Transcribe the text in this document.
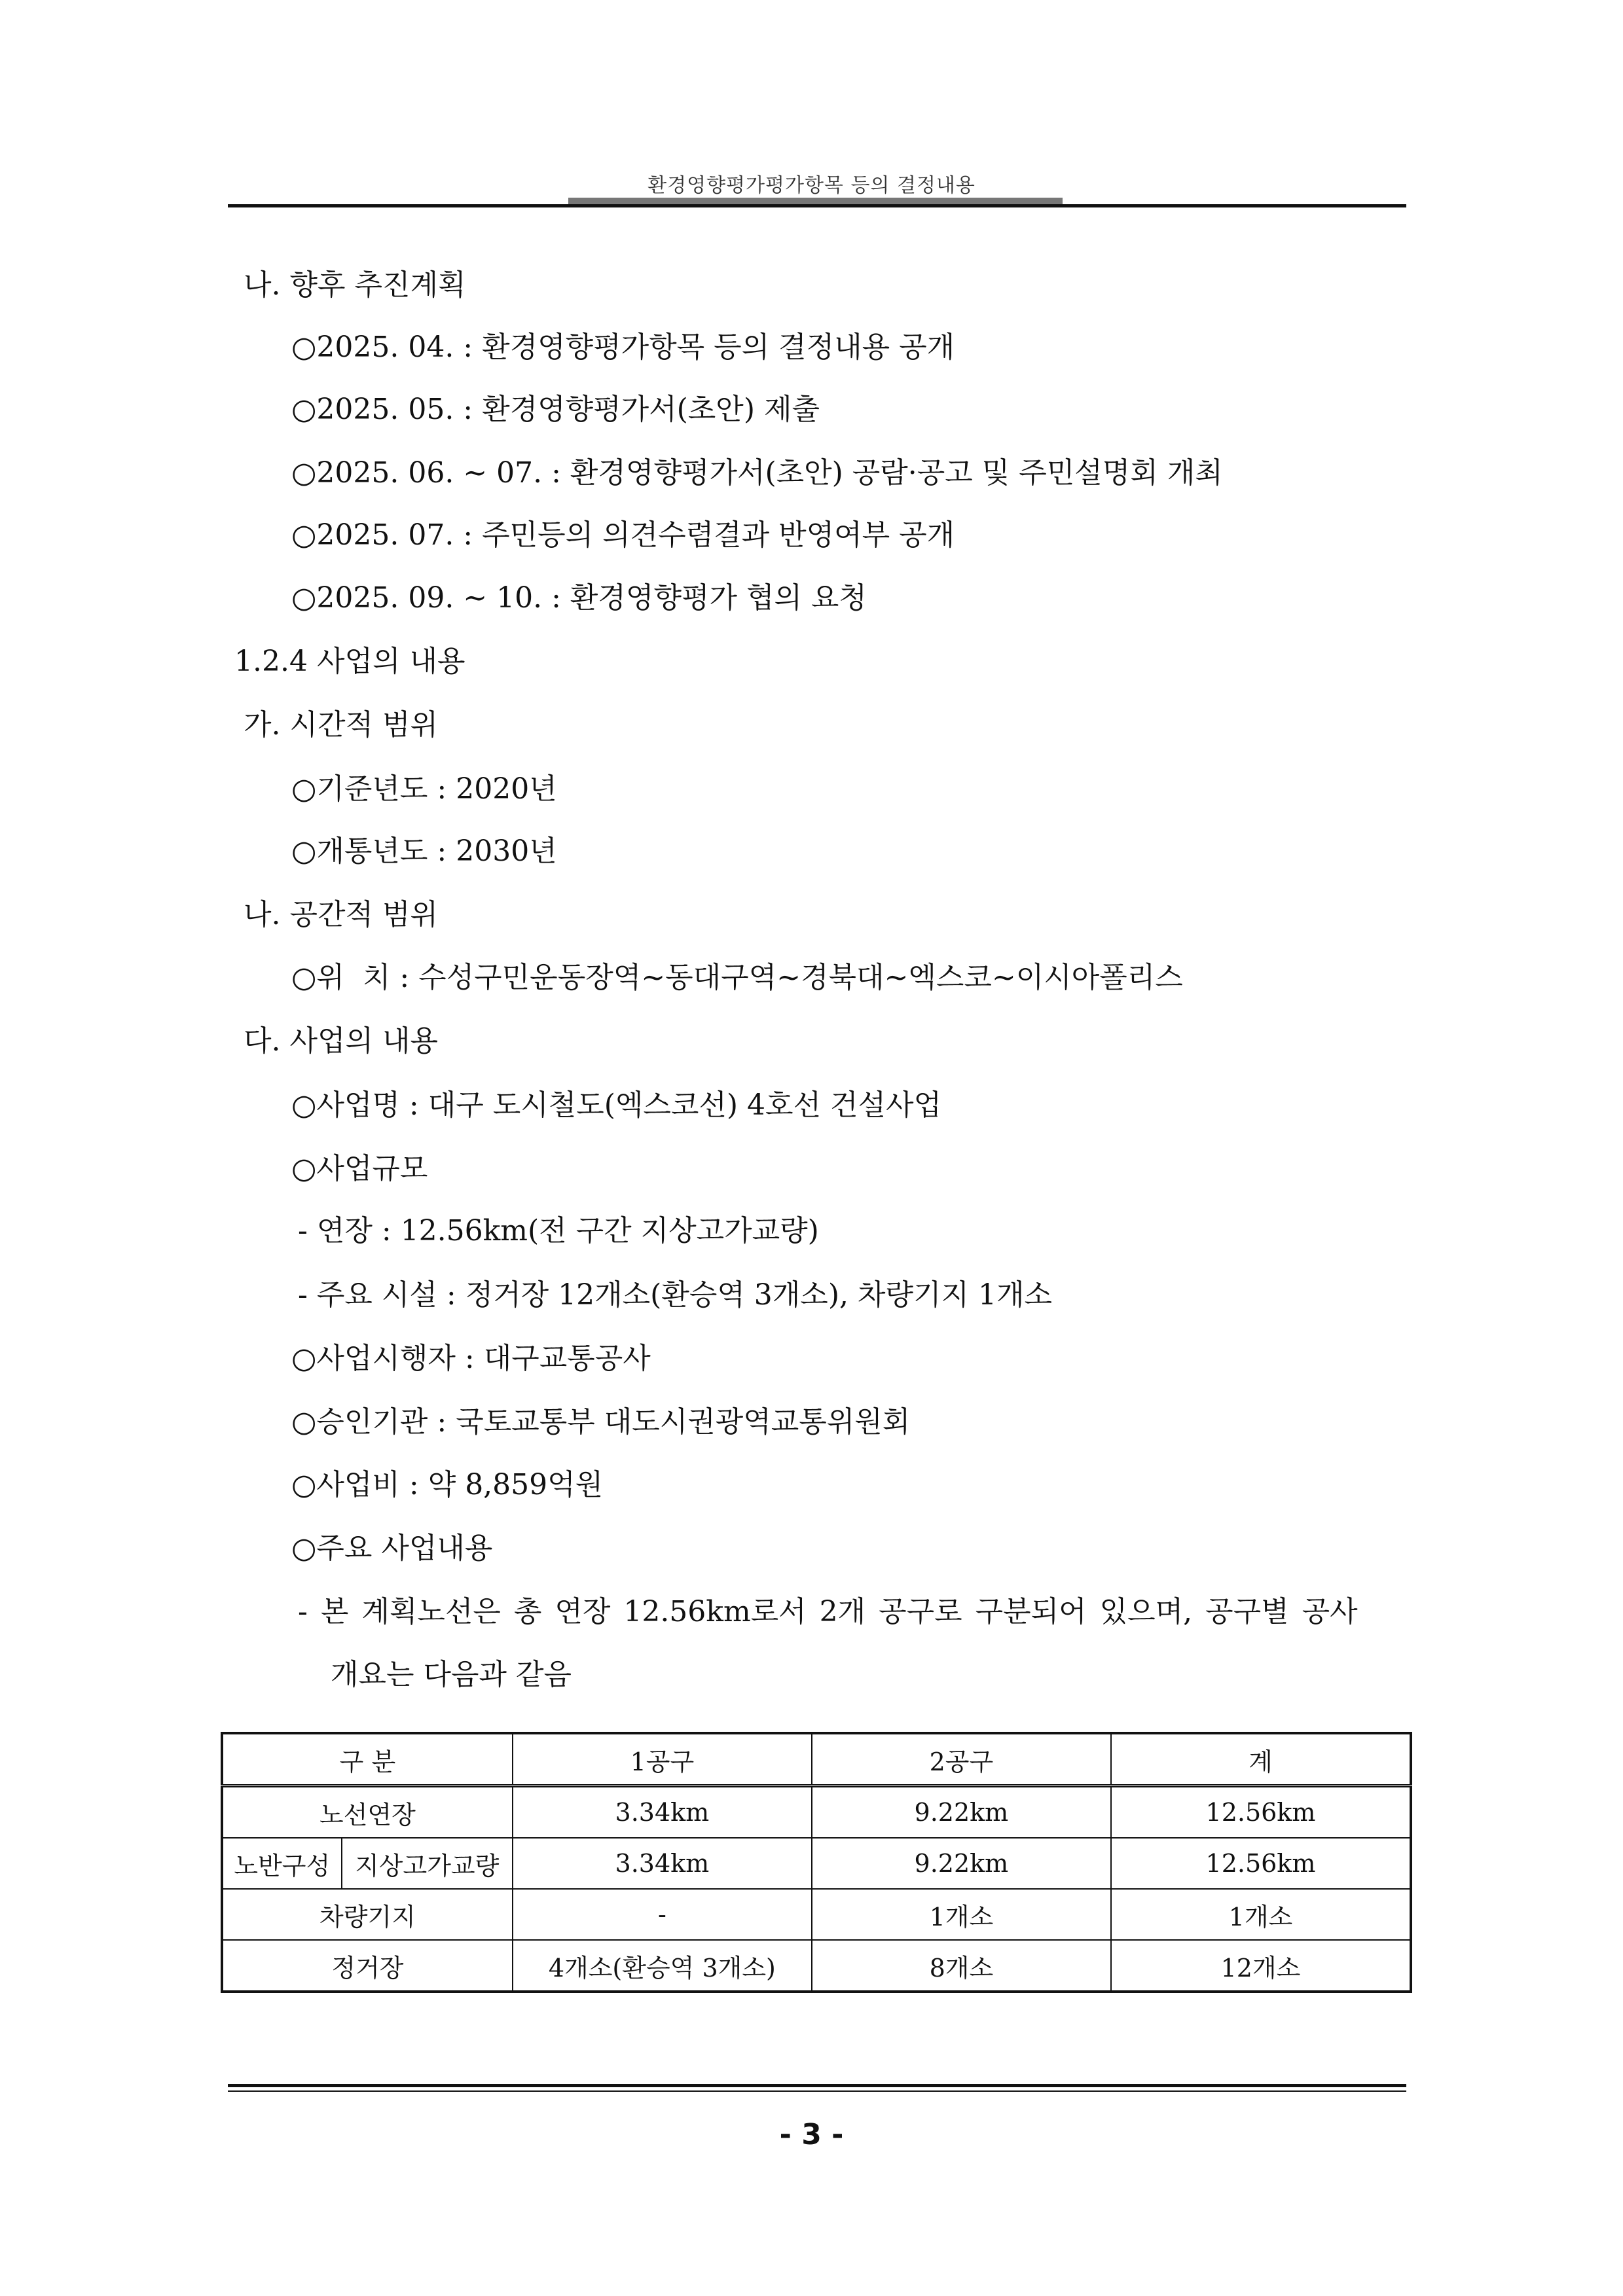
환경영향평가평가항목 등의 결정내용
나. 향후 추진계획
○2025. 04. : 환경영향평가항목 등의 결정내용 공개
○2025. 05. : 환경영향평가서(초안) 제출
○2025. 06. ∼ 07. : 환경영향평가서(초안) 공람·공고 및 주민설명회 개최
○2025. 07. : 주민등의 의견수렴결과 반영여부 공개
○2025. 09. ∼ 10. : 환경영향평가 협의 요청
1.2.4 사업의 내용
가. 시간적 범위
○기준년도 : 2020년
○개통년도 : 2030년
나. 공간적 범위
○위  치 : 수성구민운동장역∼동대구역∼경북대∼엑스코∼이시아폴리스
다. 사업의 내용
○사업명 : 대구 도시철도(엑스코선) 4호선 건설사업
○사업규모
- 연장 : 12.56km(전 구간 지상고가교량)
- 주요 시설 : 정거장 12개소(환승역 3개소), 차량기지 1개소
○사업시행자 : 대구교통공사
○승인기관 : 국토교통부 대도시권광역교통위원회
○사업비 : 약 8,859억원
○주요 사업내용
- 본 계획노선은 총 연장 12.56km로서 2개 공구로 구분되어 있으며, 공구별 공사
개요는 다음과 같음
구 분		1공구	2공구	계
노선연장		3.34km	9.22km	12.56km
노반구성	지상고가교량	3.34km	9.22km	12.56km
차량기지		-	1개소	1개소
정거장		4개소(환승역 3개소)	8개소	12개소
- 3 -
